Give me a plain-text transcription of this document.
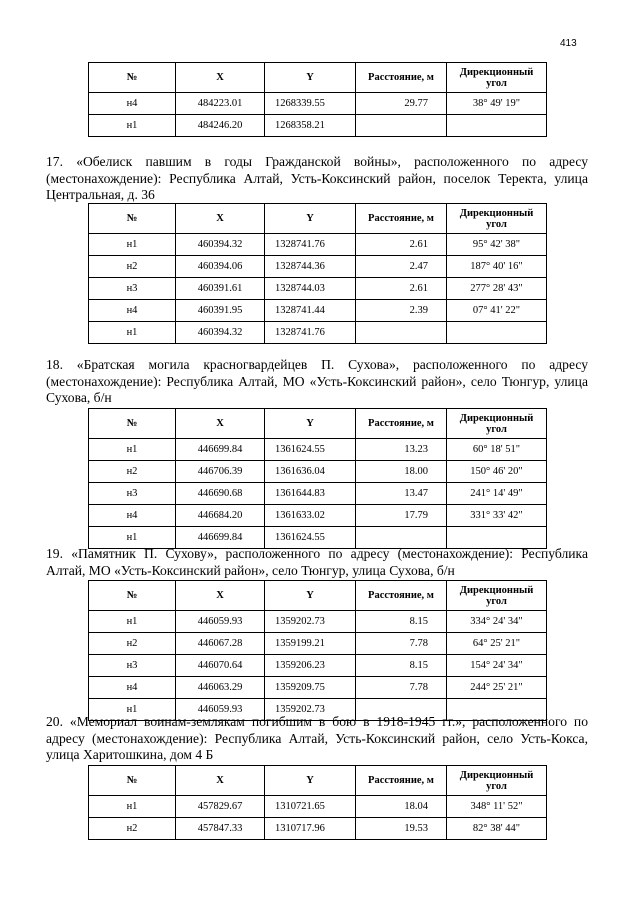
413
№	X	Y	Расстояние, м	Дирекционный угол
н4	484223.01	1268339.55	29.77	38° 49' 19"
н1	484246.20	1268358.21		
17. «Обелиск павшим в годы Гражданской войны», расположенного по адресу (местонахождение): Республика Алтай, Усть-Коксинский район, поселок Теректа, улица Центральная, д. 36
№	X	Y	Расстояние, м	Дирекционный угол
н1	460394.32	1328741.76	2.61	95° 42' 38"
н2	460394.06	1328744.36	2.47	187° 40' 16"
н3	460391.61	1328744.03	2.61	277° 28' 43"
н4	460391.95	1328741.44	2.39	07° 41' 22"
н1	460394.32	1328741.76		
18. «Братская могила красногвардейцев П. Сухова», расположенного по адресу (местонахождение): Республика Алтай, МО «Усть-Коксинский район», село Тюнгур, улица Сухова, б/н
№	X	Y	Расстояние, м	Дирекционный угол
н1	446699.84	1361624.55	13.23	60° 18' 51"
н2	446706.39	1361636.04	18.00	150° 46' 20"
н3	446690.68	1361644.83	13.47	241° 14' 49"
н4	446684.20	1361633.02	17.79	331° 33' 42"
н1	446699.84	1361624.55		
19. «Памятник П. Сухову», расположенного по адресу (местонахождение): Республика Алтай, МО «Усть-Коксинский район», село Тюнгур, улица Сухова, б/н
№	X	Y	Расстояние, м	Дирекционный угол
н1	446059.93	1359202.73	8.15	334° 24' 34"
н2	446067.28	1359199.21	7.78	64° 25' 21"
н3	446070.64	1359206.23	8.15	154° 24' 34"
н4	446063.29	1359209.75	7.78	244° 25' 21"
н1	446059.93	1359202.73		
20. «Мемориал воинам-землякам погибшим в бою в 1918-1945 гг.», расположенного по адресу (местонахождение): Республика Алтай, Усть-Коксинский район, село Усть-Кокса, улица Харитошкина, дом 4 Б
№	X	Y	Расстояние, м	Дирекционный угол
н1	457829.67	1310721.65	18.04	348° 11' 52"
н2	457847.33	1310717.96	19.53	82° 38' 44"
